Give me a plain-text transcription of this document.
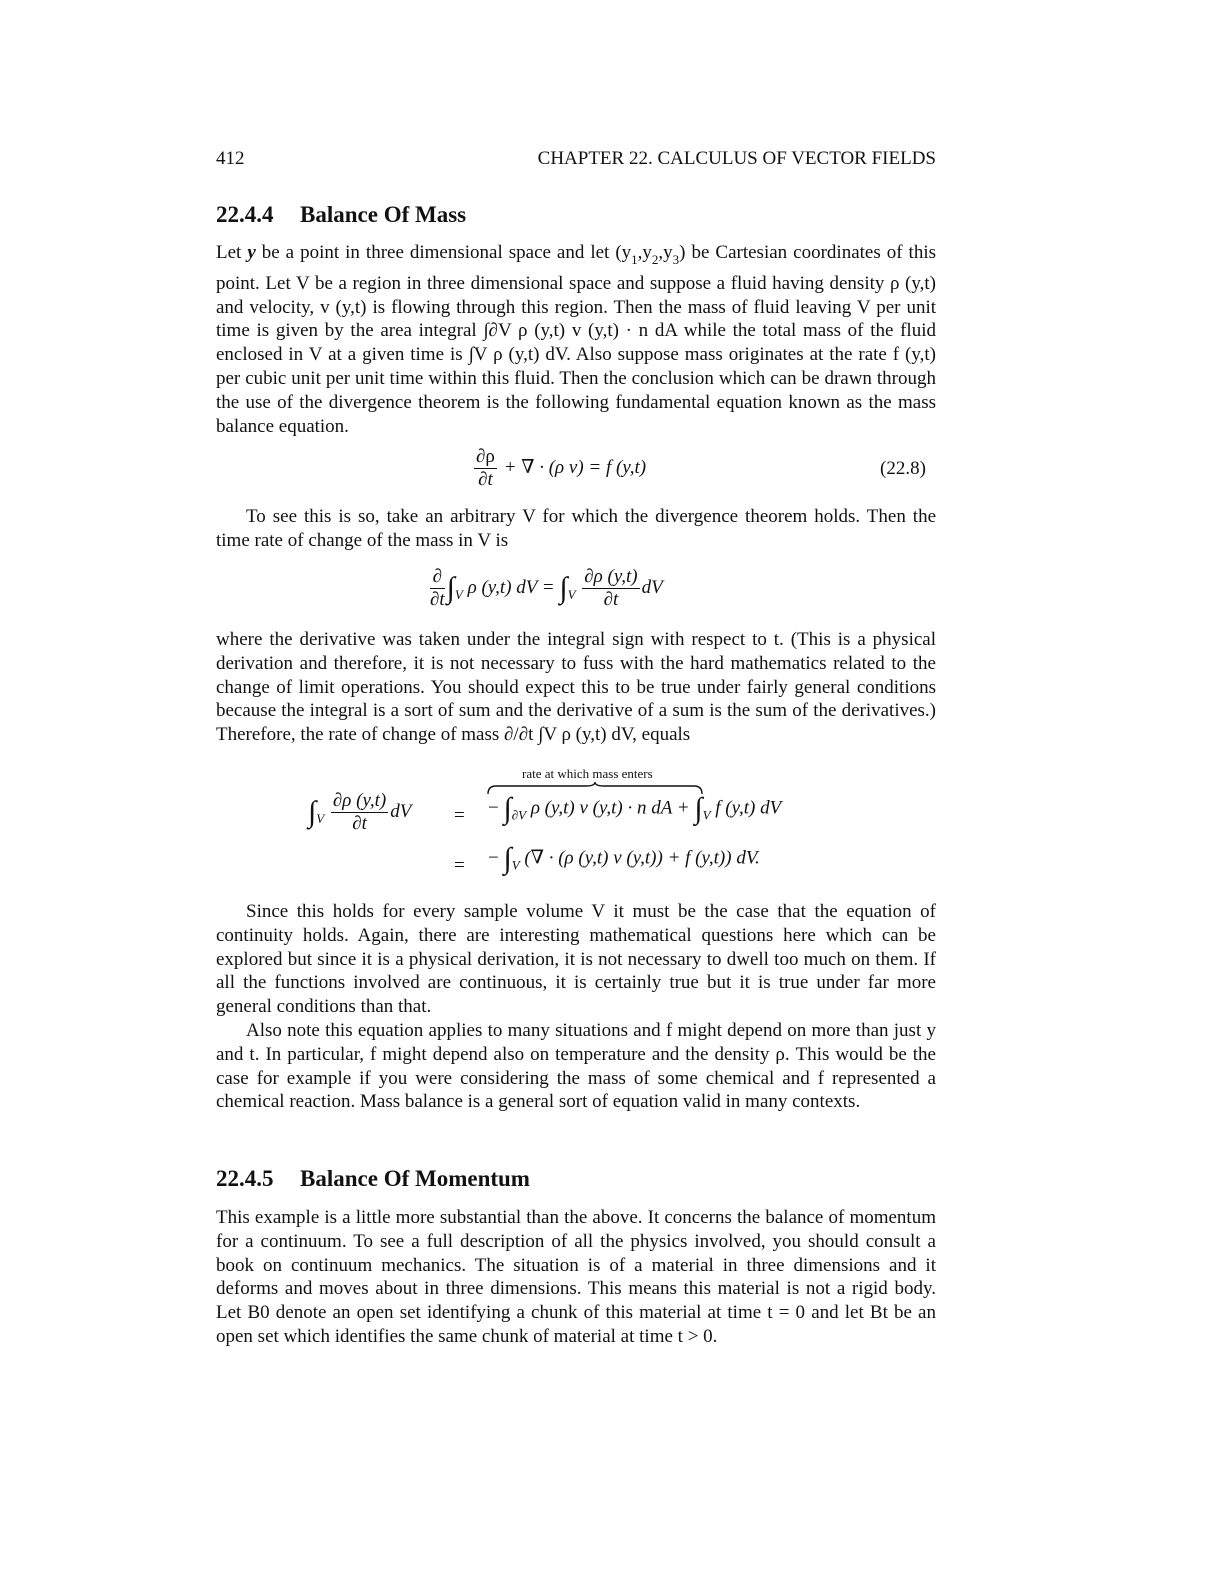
412	CHAPTER 22. CALCULUS OF VECTOR FIELDS
22.4.4 Balance Of Mass

Let y be a point in three dimensional space and let $(y_1,y_2,y_3)$ be Cartesian coordinates of this point. Let V be a region in three dimensional space and suppose a fluid having density ρ (y,t) and velocity, v (y,t) is flowing through this region. Then the mass of fluid leaving V per unit time is given by the area integral ∫∂V ρ (y,t) v (y,t) · n dA while the total mass of the fluid enclosed in V at a given time is ∫V ρ (y,t) dV. Also suppose mass originates at the rate f (y,t) per cubic unit per unit time within this fluid. Then the conclusion which can be drawn through the use of the divergence theorem is the following fundamental equation known as the mass balance equation.

$\frac{\partial\rho}{\partial t}$ + ∇ · (ρ v) = f (y,t)	(22.8)

To see this is so, take an arbitrary V for which the divergence theorem holds. Then the time rate of change of the mass in V is

$\frac{\partial}{\partial t} \int_V$ ρ (y,t) dV = $\int_V \frac{\partial\rho (y,t)}{\partial t}$ dV

where the derivative was taken under the integral sign with respect to t. (This is a physical derivation and therefore, it is not necessary to fuss with the hard mathematics related to the change of limit operations. You should expect this to be true under fairly general conditions because the integral is a sort of sum and the derivative of a sum is the sum of the derivatives.) Therefore, the rate of change of mass ∂/∂t ∫V ρ (y,t) dV, equals

rate at which mass enters
$\int_V \frac{\partial\rho (y,t)}{\partial t}$ dV = − $\int_{\partial V}$ ρ (y,t) v (y,t) · n dA + $\int_V$ f (y,t) dV
= − $\int_V$ (∇ · (ρ (y,t) v (y,t)) + f (y,t)) dV.

Since this holds for every sample volume V it must be the case that the equation of continuity holds. Again, there are interesting mathematical questions here which can be explored but since it is a physical derivation, it is not necessary to dwell too much on them. If all the functions involved are continuous, it is certainly true but it is true under far more general conditions than that.

Also note this equation applies to many situations and f might depend on more than just y and t. In particular, f might depend also on temperature and the density ρ. This would be the case for example if you were considering the mass of some chemical and f represented a chemical reaction. Mass balance is a general sort of equation valid in many contexts.

22.4.5 Balance Of Momentum

This example is a little more substantial than the above. It concerns the balance of momentum for a continuum. To see a full description of all the physics involved, you should consult a book on continuum mechanics. The situation is of a material in three dimensions and it deforms and moves about in three dimensions. This means this material is not a rigid body. Let B0 denote an open set identifying a chunk of this material at time t = 0 and let Bt be an open set which identifies the same chunk of material at time t > 0.
